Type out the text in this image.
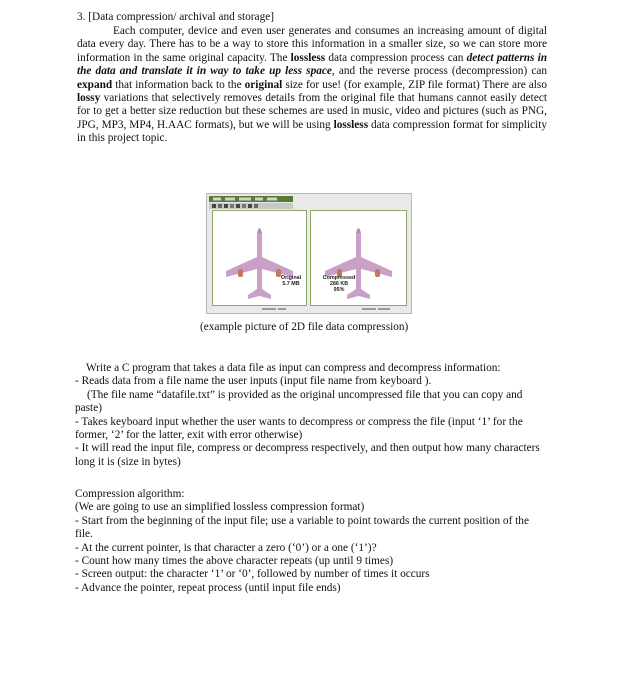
3. [Data compression/ archival and storage]
Each computer, device and even user generates and consumes an increasing amount of digital data every day. There has to be a way to store this information in a smaller size, so we can store more information in the same original capacity. The lossless data compression process can detect patterns in the data and translate it in way to take up less space, and the reverse process (decompression) can expand that information back to the original size for use! (for example, ZIP file format) There are also lossy variations that selectively removes details from the original file that humans cannot easily detect for to get a better size reduction but these schemes are used in music, video and pictures (such as PNG, JPG, MP3, MP4, H.AAC formats), but we will be using lossless data compression format for simplicity in this project topic.
Original
5.7 MB
Compressed
286 KB
95%
(example picture of 2D file data compression)
Write a C program that takes a data file as input can compress and decompress information:
- Reads data from a file name the user inputs (input file name from keyboard ).
(The file name “datafile.txt” is provided as the original uncompressed file that you can copy and paste)
- Takes keyboard input whether the user wants to decompress or compress the file (input ‘1’ for the former, ‘2’ for the latter, exit with error otherwise)
- It will read the input file, compress or decompress respectively, and then output how many characters long it is (size in bytes)
Compression algorithm:
(We are going to use an simplified lossless compression format)
- Start from the beginning of the input file; use a variable to point towards the current position of the file.
- At the current pointer, is that character a zero (‘0’) or a one (‘1’)?
- Count how many times the above character repeats (up until 9 times)
- Screen output: the character ‘1’ or ‘0’, followed by number of times it occurs
- Advance the pointer, repeat process (until input file ends)
